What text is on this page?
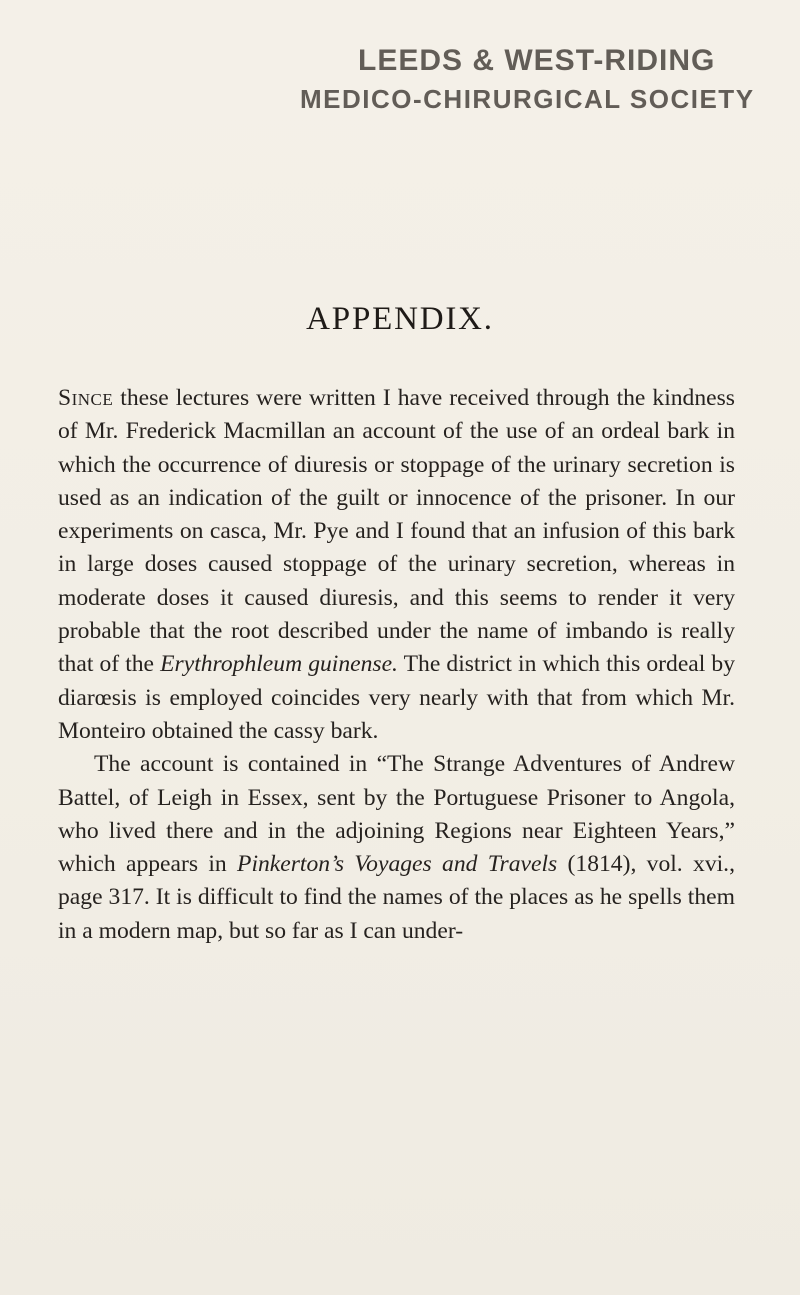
LEEDS & WEST-RIDING
MEDICO-CHIRURGICAL SOCIETY
APPENDIX.

Since these lectures were written I have received through the kindness of Mr. Frederick Macmillan an account of the use of an ordeal bark in which the occurrence of diuresis or stoppage of the urinary secretion is used as an indication of the guilt or innocence of the prisoner. In our experiments on casca, Mr. Pye and I found that an infusion of this bark in large doses caused stoppage of the urinary secretion, whereas in moderate doses it caused diuresis, and this seems to render it very probable that the root described under the name of imbando is really that of the Erythrophleum guinense. The district in which this ordeal by diarœsis is employed coincides very nearly with that from which Mr. Monteiro obtained the cassy bark.

The account is contained in “The Strange Adventures of Andrew Battel, of Leigh in Essex, sent by the Portuguese Prisoner to Angola, who lived there and in the adjoining Regions near Eighteen Years,” which appears in Pinkerton’s Voyages and Travels (1814), vol. xvi., page 317. It is difficult to find the names of the places as he spells them in a modern map, but so far as I can under-
